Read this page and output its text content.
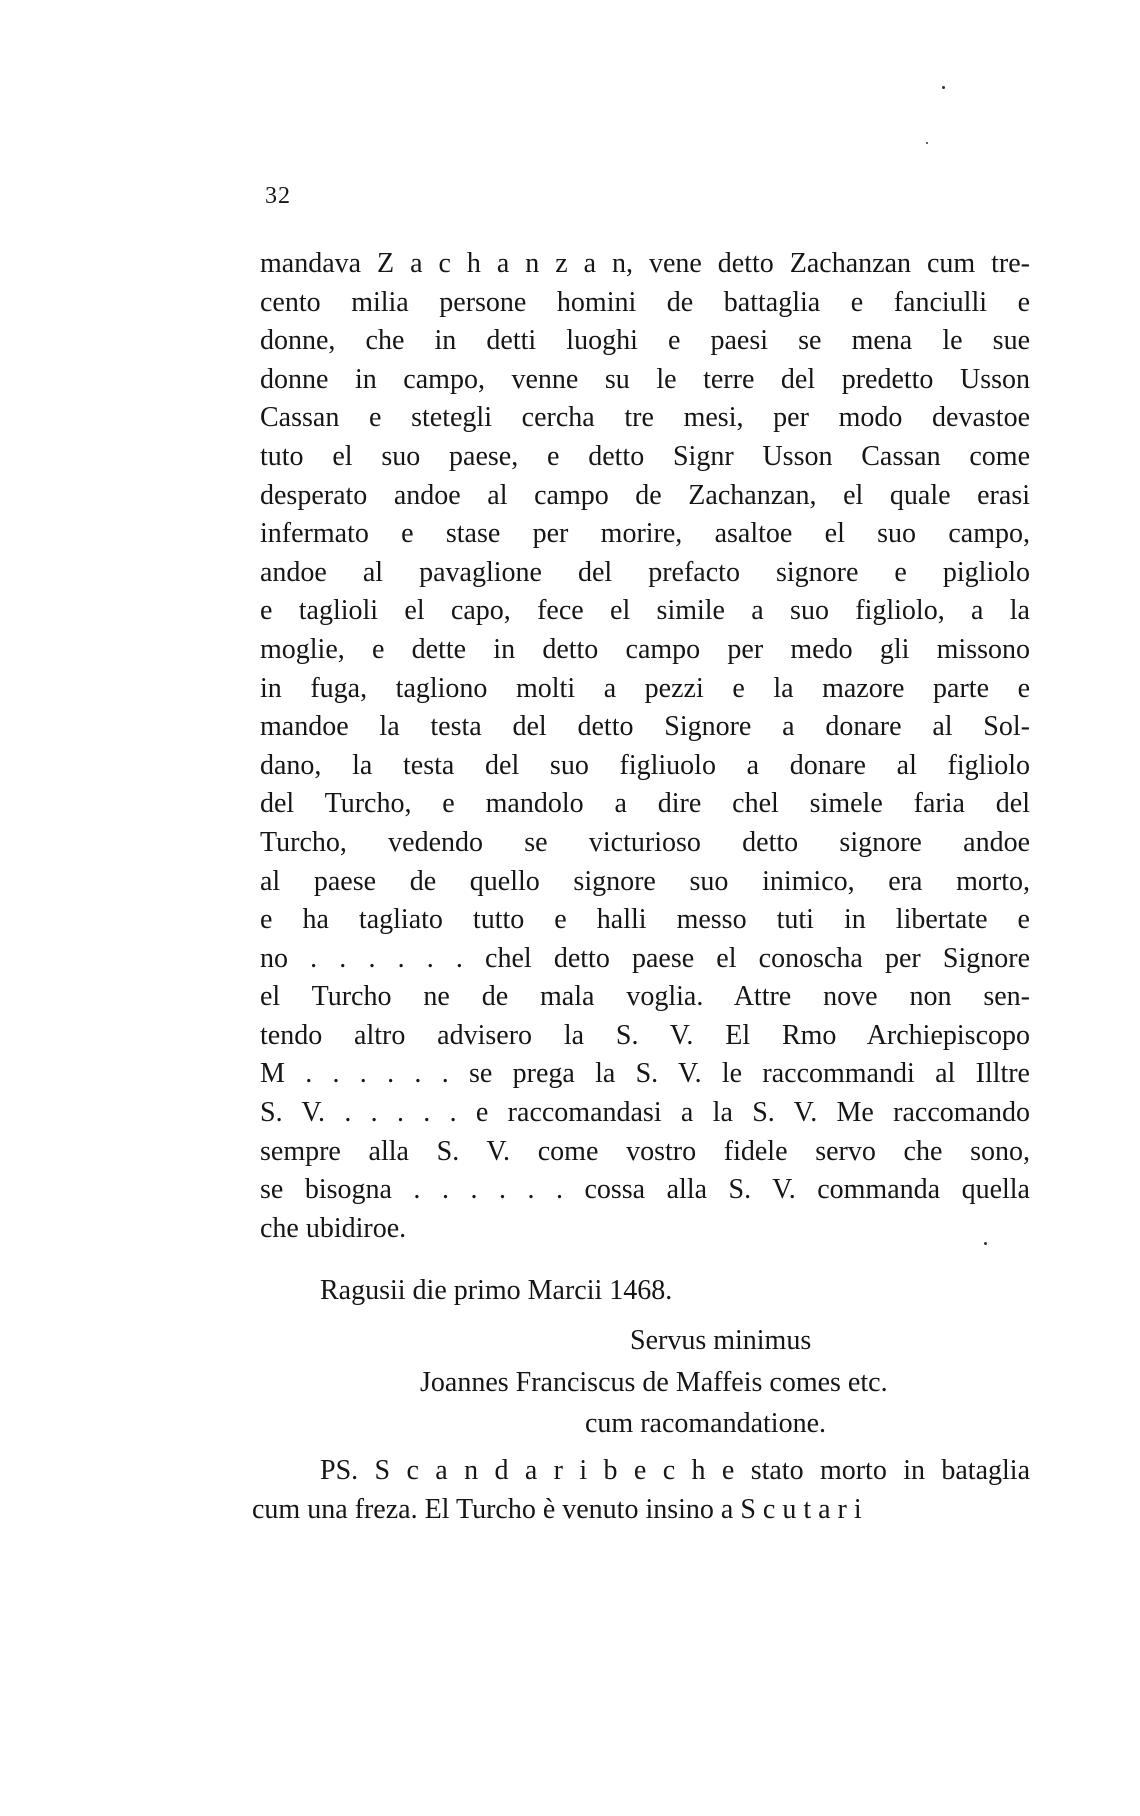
32
mandava Z a c h a n z a n, vene detto Zachanzan cum tre-
cento milia persone homini de battaglia e fanciulli e
donne, che in detti luoghi e paesi se mena le sue
donne in campo, venne su le terre del predetto Usson
Cassan e stetegli cercha tre mesi, per modo devastoe
tuto el suo paese, e detto Signr Usson Cassan come
desperato andoe al campo de Zachanzan, el quale erasi
infermato e stase per morire, asaltoe el suo campo,
andoe al pavaglione del prefacto signore e pigliolo
e taglioli el capo, fece el simile a suo figliolo, a la
moglie, e dette in detto campo per medo gli missono
in fuga, tagliono molti a pezzi e la mazore parte e
mandoe la testa del detto Signore a donare al Sol-
dano, la testa del suo figliuolo a donare al figliolo
del Turcho, e mandolo a dire chel simele faria del
Turcho, vedendo se victurioso detto signore andoe
al paese de quello signore suo inimico, era morto,
e ha tagliato tutto e halli messo tuti in libertate e
no . . . . . . chel detto paese el conoscha per Signore
el Turcho ne de mala voglia. Attre nove non sen-
tendo altro advisero la S. V. El Rmo Archiepiscopo
M . . . . . . se prega la S. V. le raccommandi al Illtre
S. V. . . . . . e raccomandasi a la S. V. Me raccomando
sempre alla S. V. come vostro fidele servo che sono,
se bisogna . . . . . . cossa alla S. V. commanda quella
che ubidiroe.
Ragusii die primo Marcii 1468.
Servus minimus
Joannes Franciscus de Maffeis comes etc.
cum racomandatione.
PS. S c a n d a r i b e c h e stato morto in bataglia
cum una freza. El Turcho è venuto insino a S c u t a r i
